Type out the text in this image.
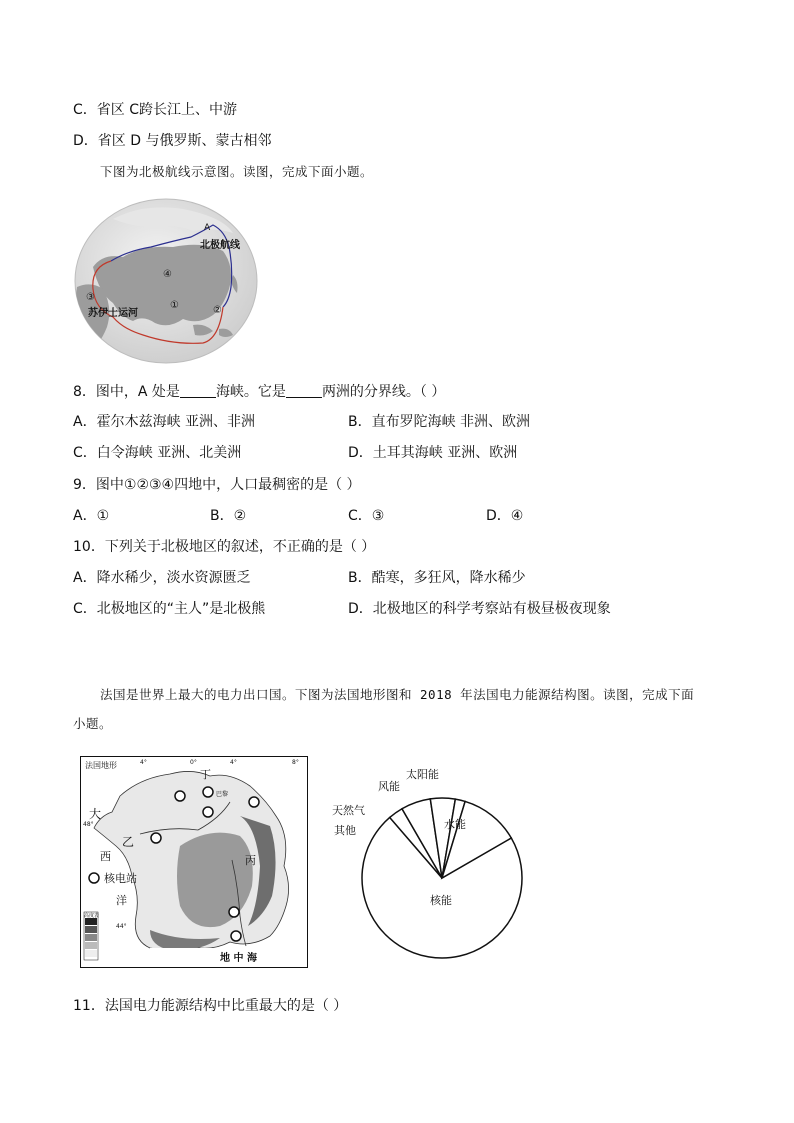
C．省区 C跨长江上、中游
D．省区 D 与俄罗斯、蒙古相邻
下图为北极航线示意图。读图，完成下面小题。
A
北极航线
④
①
③
②
苏伊士运河
8．图中，A 处是	海峡。它是	两洲的分界线。（ ）
A．霍尔木兹海峡 亚洲、非洲	B．直布罗陀海峡 非洲、欧洲
C．白令海峡 亚洲、北美洲	D．土耳其海峡 亚洲、欧洲
9．图中①②③④四地中，人口最稠密的是（ ）
A．①	B．②	C．③	D．④
10．下列关于北极地区的叙述，不正确的是（ ）
A．降水稀少，淡水资源匮乏	B．酷寒，多狂风，降水稀少
C．北极地区的“主人”是北极熊	D．北极地区的科学考察站有极昼极夜现象
法国是世界上最大的电力出口国。下图为法国地形图和 2018 年法国电力能源结构图。读图，完成下面
小题。
法国地形
丁
巴黎
大
乙
西
核电站
洋
丙
48°
44°
4°	0°	4°	8°
高度表
地 中 海
太阳能
风能
天然气
其他	水能
核能
11．法国电力能源结构中比重最大的是（ ）
